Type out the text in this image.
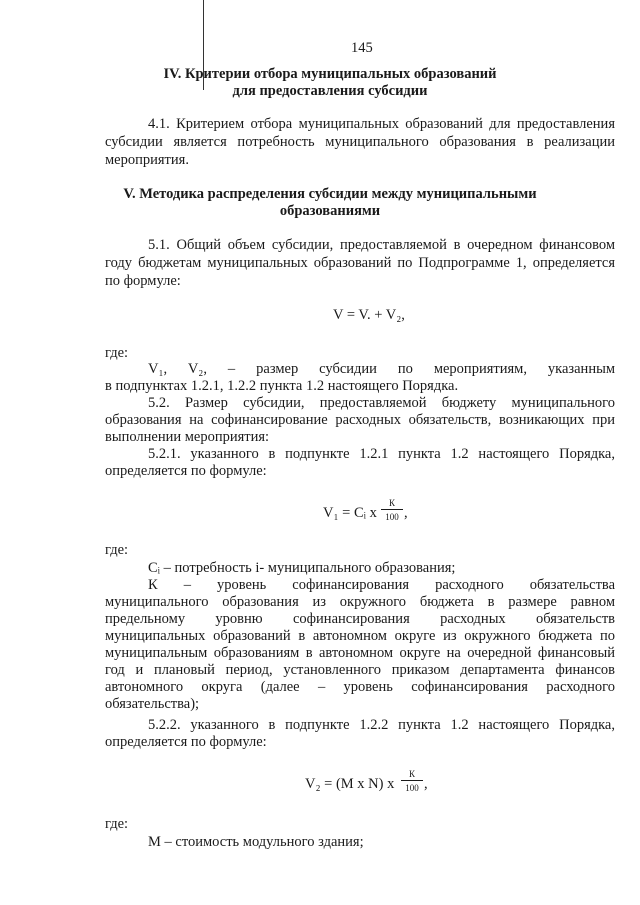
145
IV. Критерии отбора муниципальных образований
для предоставления субсидии
4.1. Критерием отбора муниципальных образований для предоставления
субсидии является потребность муниципального образования в реализации
мероприятия.
V. Методика распределения субсидии между муниципальными
образованиями
5.1. Общий объем субсидии, предоставляемой в очередном финансовом
году бюджетам муниципальных образований по Подпрограмме 1, определяется
по формуле:
V = V. + V₂,
где:
V₁, V₂, – размер субсидии по мероприятиям, указанным
в подпунктах 1.2.1, 1.2.2 пункта 1.2 настоящего Порядка.
5.2. Размер субсидии, предоставляемой бюджету муниципального
образования на софинансирование расходных обязательств, возникающих при
выполнении мероприятия:
5.2.1. указанного в подпункте 1.2.1 пункта 1.2 настоящего Порядка,
определяется по формуле:
V₁ = Cᵢ x
К
100 ,
где:
Cᵢ – потребность i- муниципального образования;
К – уровень софинансирования расходного обязательства
муниципального образования из окружного бюджета в размере равном
предельному уровню софинансирования расходных обязательств
муниципальных образований в автономном округе из окружного бюджета по
муниципальным образованиям в автономном округе на очередной финансовый
год и плановый период, установленного приказом департамента финансов
автономного округа (далее – уровень софинансирования расходного
обязательства);
5.2.2. указанного в подпункте 1.2.2 пункта 1.2 настоящего Порядка,
определяется по формуле:
V₂ = (M x N) x
К
100 ,
где:
M – стоимость модульного здания;
